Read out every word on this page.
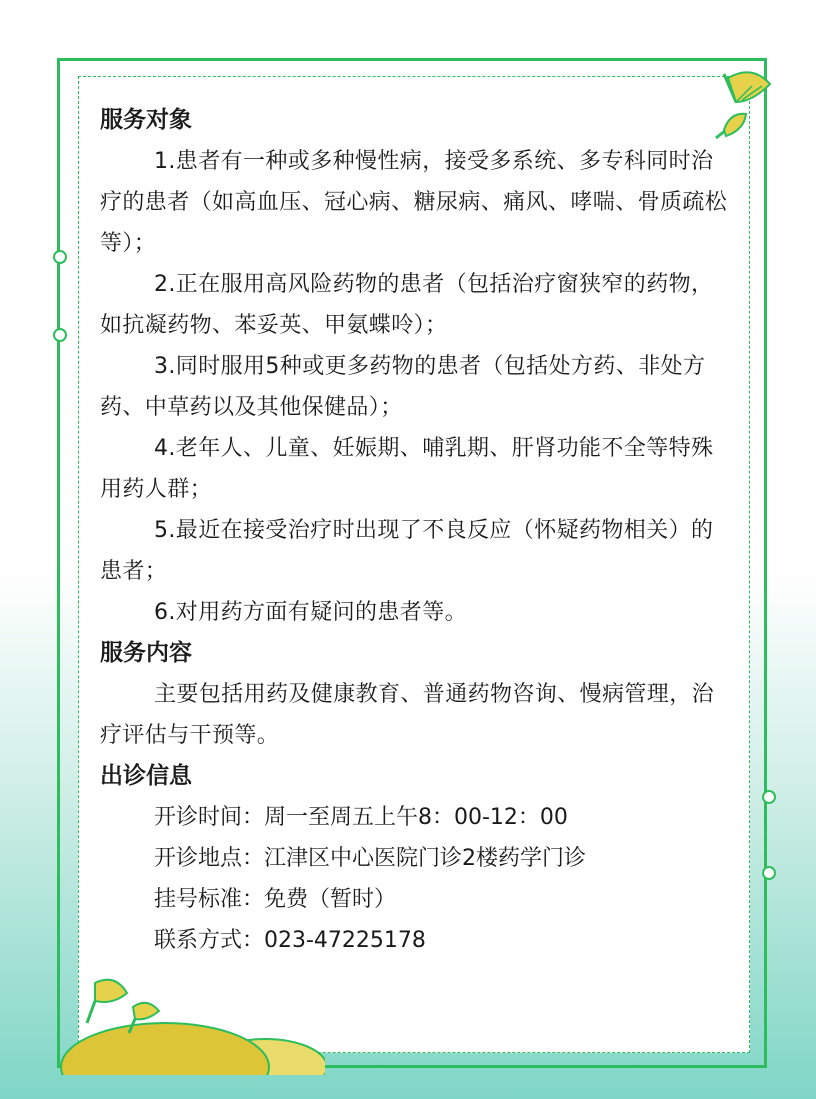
服务对象

1.患者有一种或多种慢性病，接受多系统、多专科同时治疗的患者（如高血压、冠心病、糖尿病、痛风、哮喘、骨质疏松等）；

2.正在服用高风险药物的患者（包括治疗窗狭窄的药物，如抗凝药物、苯妥英、甲氨蝶呤）；

3.同时服用5种或更多药物的患者（包括处方药、非处方药、中草药以及其他保健品）；

4.老年人、儿童、妊娠期、哺乳期、肝肾功能不全等特殊用药人群；

5.最近在接受治疗时出现了不良反应（怀疑药物相关）的患者；

6.对用药方面有疑问的患者等。

服务内容

主要包括用药及健康教育、普通药物咨询、慢病管理，治疗评估与干预等。

出诊信息

开诊时间：周一至周五上午8：00-12：00

开诊地点：江津区中心医院门诊2楼药学门诊

挂号标准：免费（暂时）

联系方式：023-47225178
